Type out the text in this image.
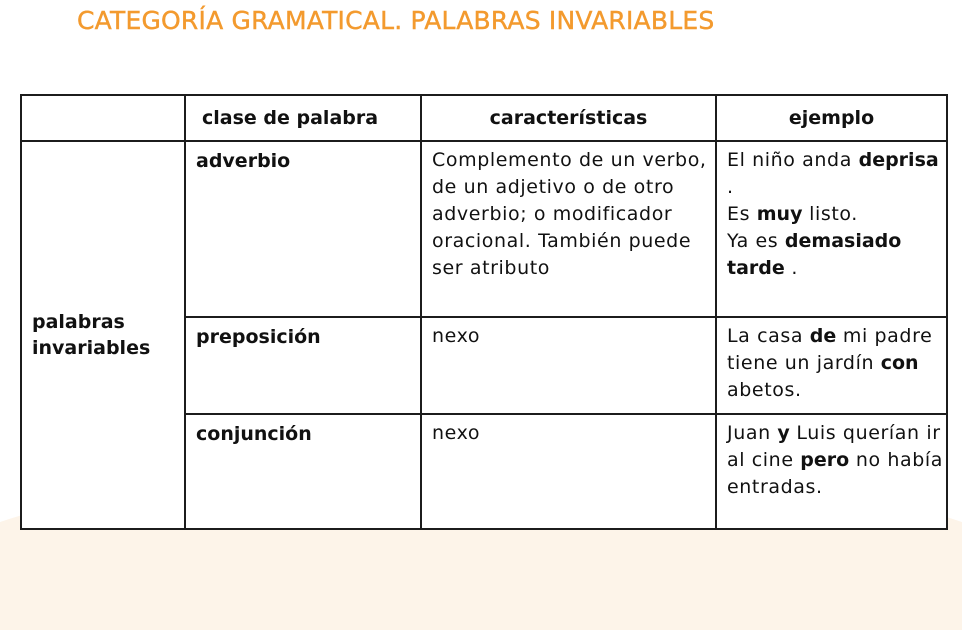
CATEGORÍA GRAMATICAL. PALABRAS INVARIABLES
	clase de palabra	características	ejemplo

palabras invariables	adverbio	Complemento de un verbo, de un adjetivo o de otro adverbio; o modificador oracional. También puede ser atributo	El niño anda deprisa .
Es muy listo.
Ya es demasiado tarde .
	preposición	nexo	La casa de mi padre tiene un jardín con abetos.
	conjunción	nexo	Juan y Luis querían ir al cine pero no había entradas.
